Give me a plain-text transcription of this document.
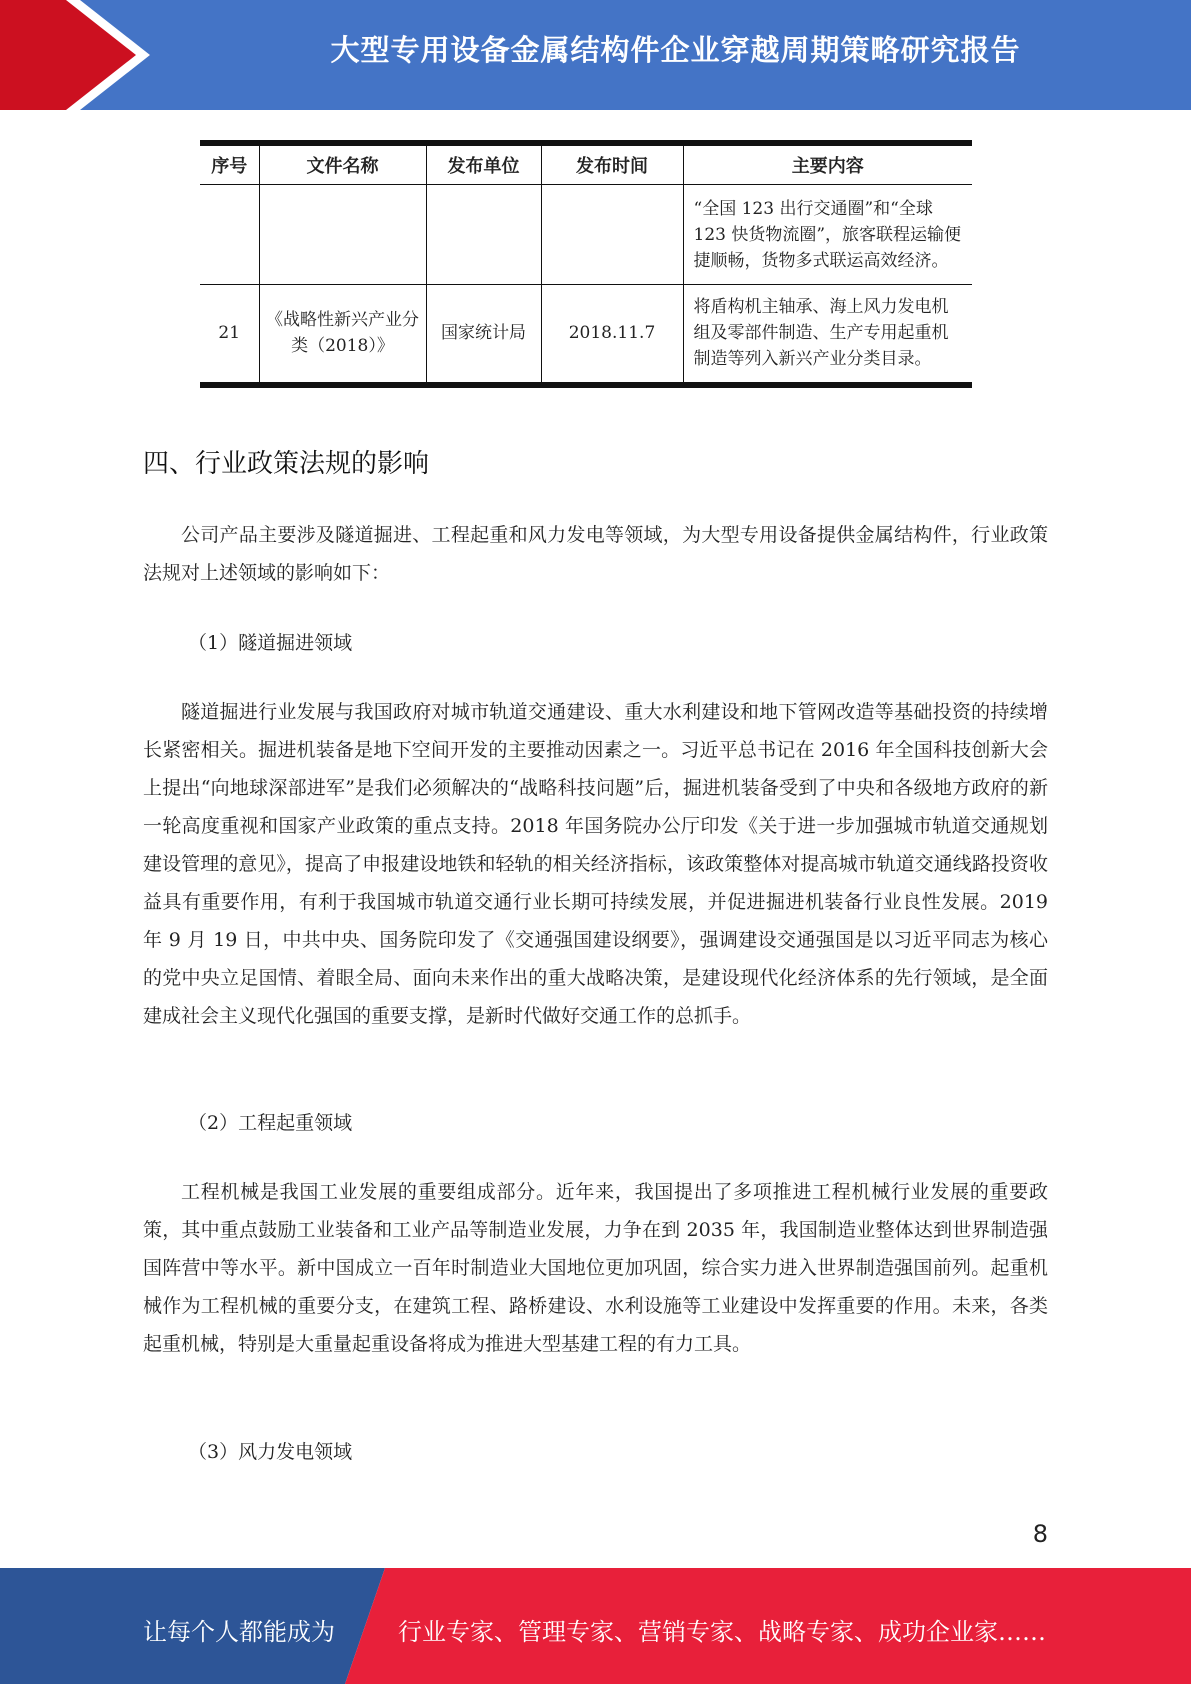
大型专用设备金属结构件企业穿越周期策略研究报告
序号	文件名称	发布单位	发布时间	主要内容
				“全国 123 出行交通圈”和“全球 123 快货物流圈”，旅客联程运输便捷顺畅，货物多式联运高效经济。
21	《战略性新兴产业分类（2018）》	国家统计局	2018.11.7	将盾构机主轴承、海上风力发电机组及零部件制造、生产专用起重机制造等列入新兴产业分类目录。
四、行业政策法规的影响

公司产品主要涉及隧道掘进、工程起重和风力发电等领域，为大型专用设备提供金属结构件，行业政策法规对上述领域的影响如下：

（1）隧道掘进领域

隧道掘进行业发展与我国政府对城市轨道交通建设、重大水利建设和地下管网改造等基础投资的持续增长紧密相关。掘进机装备是地下空间开发的主要推动因素之一。习近平总书记在 2016 年全国科技创新大会上提出“向地球深部进军”是我们必须解决的“战略科技问题”后，掘进机装备受到了中央和各级地方政府的新一轮高度重视和国家产业政策的重点支持。2018 年国务院办公厅印发《关于进一步加强城市轨道交通规划建设管理的意见》，提高了申报建设地铁和轻轨的相关经济指标，该政策整体对提高城市轨道交通线路投资收益具有重要作用，有利于我国城市轨道交通行业长期可持续发展，并促进掘进机装备行业良性发展。2019 年 9 月 19 日，中共中央、国务院印发了《交通强国建设纲要》，强调建设交通强国是以习近平同志为核心的党中央立足国情、着眼全局、面向未来作出的重大战略决策，是建设现代化经济体系的先行领域，是全面建成社会主义现代化强国的重要支撑，是新时代做好交通工作的总抓手。

（2）工程起重领域

工程机械是我国工业发展的重要组成部分。近年来，我国提出了多项推进工程机械行业发展的重要政策，其中重点鼓励工业装备和工业产品等制造业发展，力争在到 2035 年，我国制造业整体达到世界制造强国阵营中等水平。新中国成立一百年时制造业大国地位更加巩固，综合实力进入世界制造强国前列。起重机械作为工程机械的重要分支，在建筑工程、路桥建设、水利设施等工业建设中发挥重要的作用。未来，各类起重机械，特别是大重量起重设备将成为推进大型基建工程的有力工具。

（3）风力发电领域
8
让每个人都能成为	行业专家、管理专家、营销专家、战略专家、成功企业家……
